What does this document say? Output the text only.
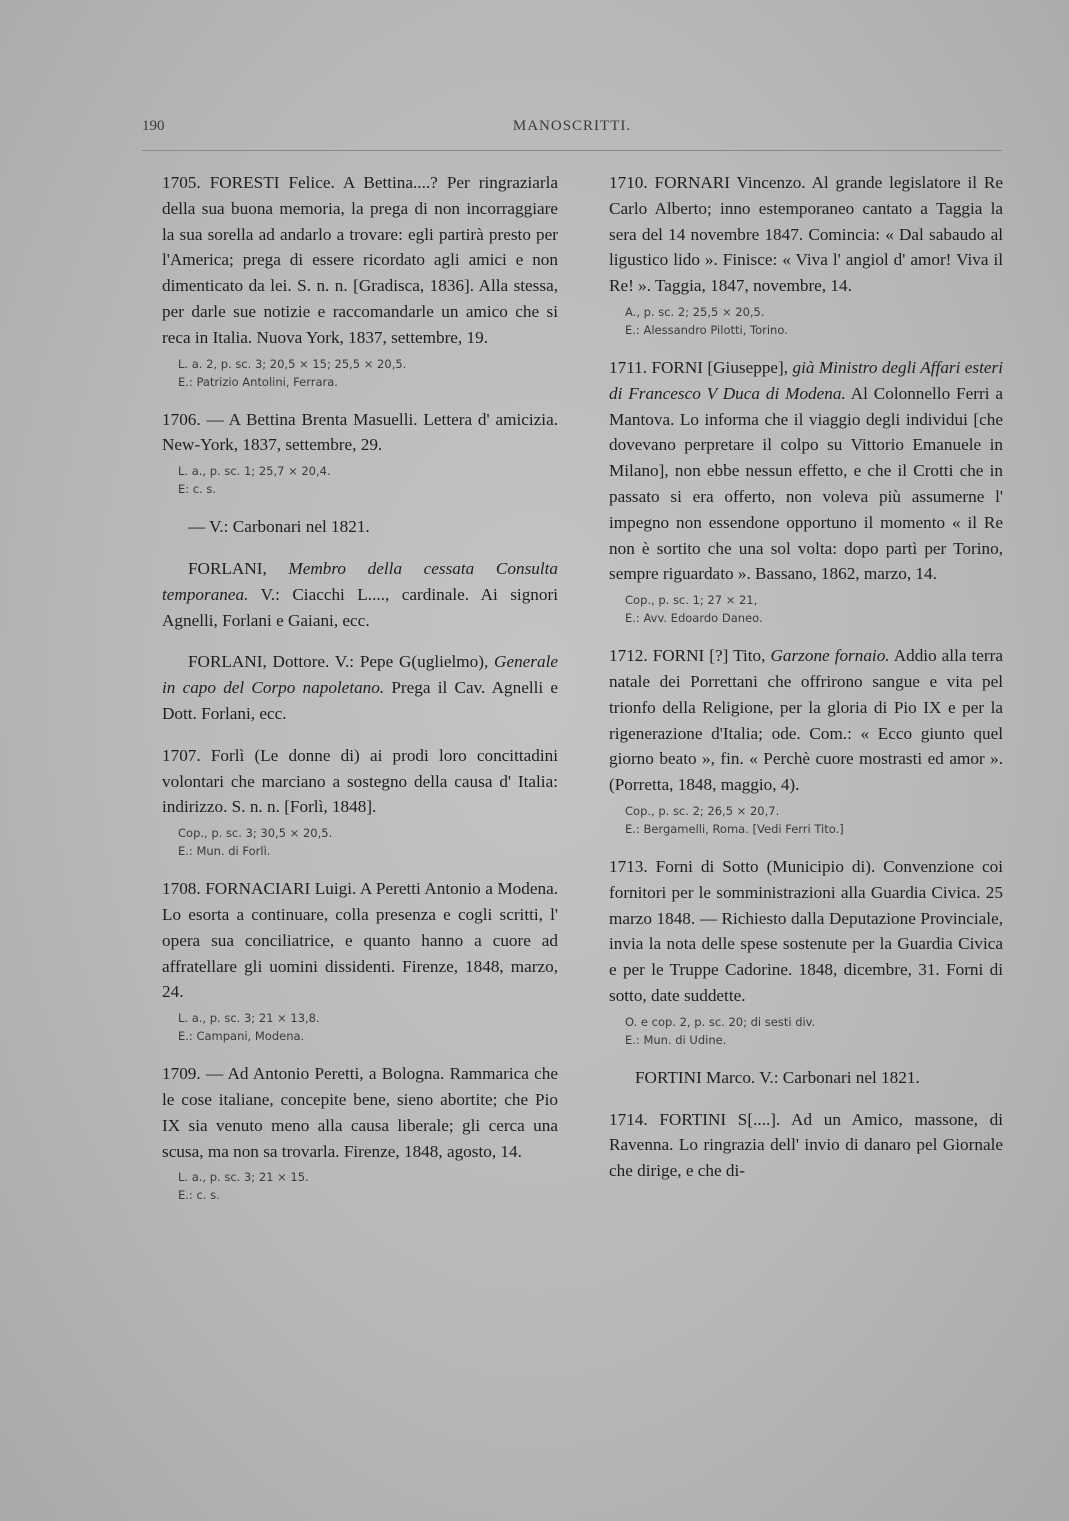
190	MANOSCRITTI.
1705. FORESTI Felice. A Bettina....? Per ringraziarla della sua buona memoria, la prega di non incorraggiare la sua sorella ad andarlo a trovare: egli partirà presto per l'America; prega di essere ricordato agli amici e non dimenticato da lei. S. n. n. [Gradisca, 1836]. Alla stessa, per darle sue notizie e raccomandarle un amico che si reca in Italia. Nuova York, 1837, settembre, 19.
L. a. 2, p. sc. 3; 20,5 × 15; 25,5 × 20,5.
E.: Patrizio Antolini, Ferrara.
1706. — A Bettina Brenta Masuelli. Lettera d' amicizia. New-York, 1837, settembre, 29.
L. a., p. sc. 1; 25,7 × 20,4.
E: c. s.
— V.: Carbonari nel 1821.
FORLANI, Membro della cessata Consulta temporanea. V.: Ciacchi L...., cardinale. Ai signori Agnelli, Forlani e Gaiani, ecc.
FORLANI, Dottore. V.: Pepe G(uglielmo), Generale in capo del Corpo napoletano. Prega il Cav. Agnelli e Dott. Forlani, ecc.
1707. Forlì (Le donne di) ai prodi loro concittadini volontari che marciano a sostegno della causa d' Italia: indirizzo. S. n. n. [Forlì, 1848].
Cop., p. sc. 3; 30,5 × 20,5.
E.: Mun. di Forlì.
1708. FORNACIARI Luigi. A Peretti Antonio a Modena. Lo esorta a continuare, colla presenza e cogli scritti, l' opera sua conciliatrice, e quanto hanno a cuore ad affratellare gli uomini dissidenti. Firenze, 1848, marzo, 24.
L. a., p. sc. 3; 21 × 13,8.
E.: Campani, Modena.
1709. — Ad Antonio Peretti, a Bologna. Rammarica che le cose italiane, concepite bene, sieno abortite; che Pio IX sia venuto meno alla causa liberale; gli cerca una scusa, ma non sa trovarla. Firenze, 1848, agosto, 14.
L. a., p. sc. 3; 21 × 15.
E.: c. s.
1710. FORNARI Vincenzo. Al grande legislatore il Re Carlo Alberto; inno estemporaneo cantato a Taggia la sera del 14 novembre 1847. Comincia: « Dal sabaudo al ligustico lido ». Finisce: « Viva l' angiol d' amor! Viva il Re! ». Taggia, 1847, novembre, 14.
A., p. sc. 2; 25,5 × 20,5.
E.: Alessandro Pilotti, Torino.
1711. FORNI [Giuseppe], già Ministro degli Affari esteri di Francesco V Duca di Modena. Al Colonnello Ferri a Mantova. Lo informa che il viaggio degli individui [che dovevano perpretare il colpo su Vittorio Emanuele in Milano], non ebbe nessun effetto, e che il Crotti che in passato si era offerto, non voleva più assumerne l' impegno non essendone opportuno il momento « il Re non è sortito che una sol volta: dopo partì per Torino, sempre riguardato ». Bassano, 1862, marzo, 14.
Cop., p. sc. 1; 27 × 21,
E.: Avv. Edoardo Daneo.
1712. FORNI [?] Tito, Garzone fornaio. Addio alla terra natale dei Porrettani che offrirono sangue e vita pel trionfo della Religione, per la gloria di Pio IX e per la rigenerazione d'Italia; ode. Com.: « Ecco giunto quel giorno beato », fin. « Perchè cuore mostrasti ed amor ». (Porretta, 1848, maggio, 4).
Cop., p. sc. 2; 26,5 × 20,7.
E.: Bergamelli, Roma. [Vedi Ferri Tito.]
1713. Forni di Sotto (Municipio di). Convenzione coi fornitori per le somministrazioni alla Guardia Civica. 25 marzo 1848. — Richiesto dalla Deputazione Provinciale, invia la nota delle spese sostenute per la Guardia Civica e per le Truppe Cadorine. 1848, dicembre, 31. Forni di sotto, date suddette.
O. e cop. 2, p. sc. 20; di sesti div.
E.: Mun. di Udine.
FORTINI Marco. V.: Carbonari nel 1821.
1714. FORTINI S[....]. Ad un Amico, massone, di Ravenna. Lo ringrazia dell' invio di danaro pel Giornale che dirige, e che di-
